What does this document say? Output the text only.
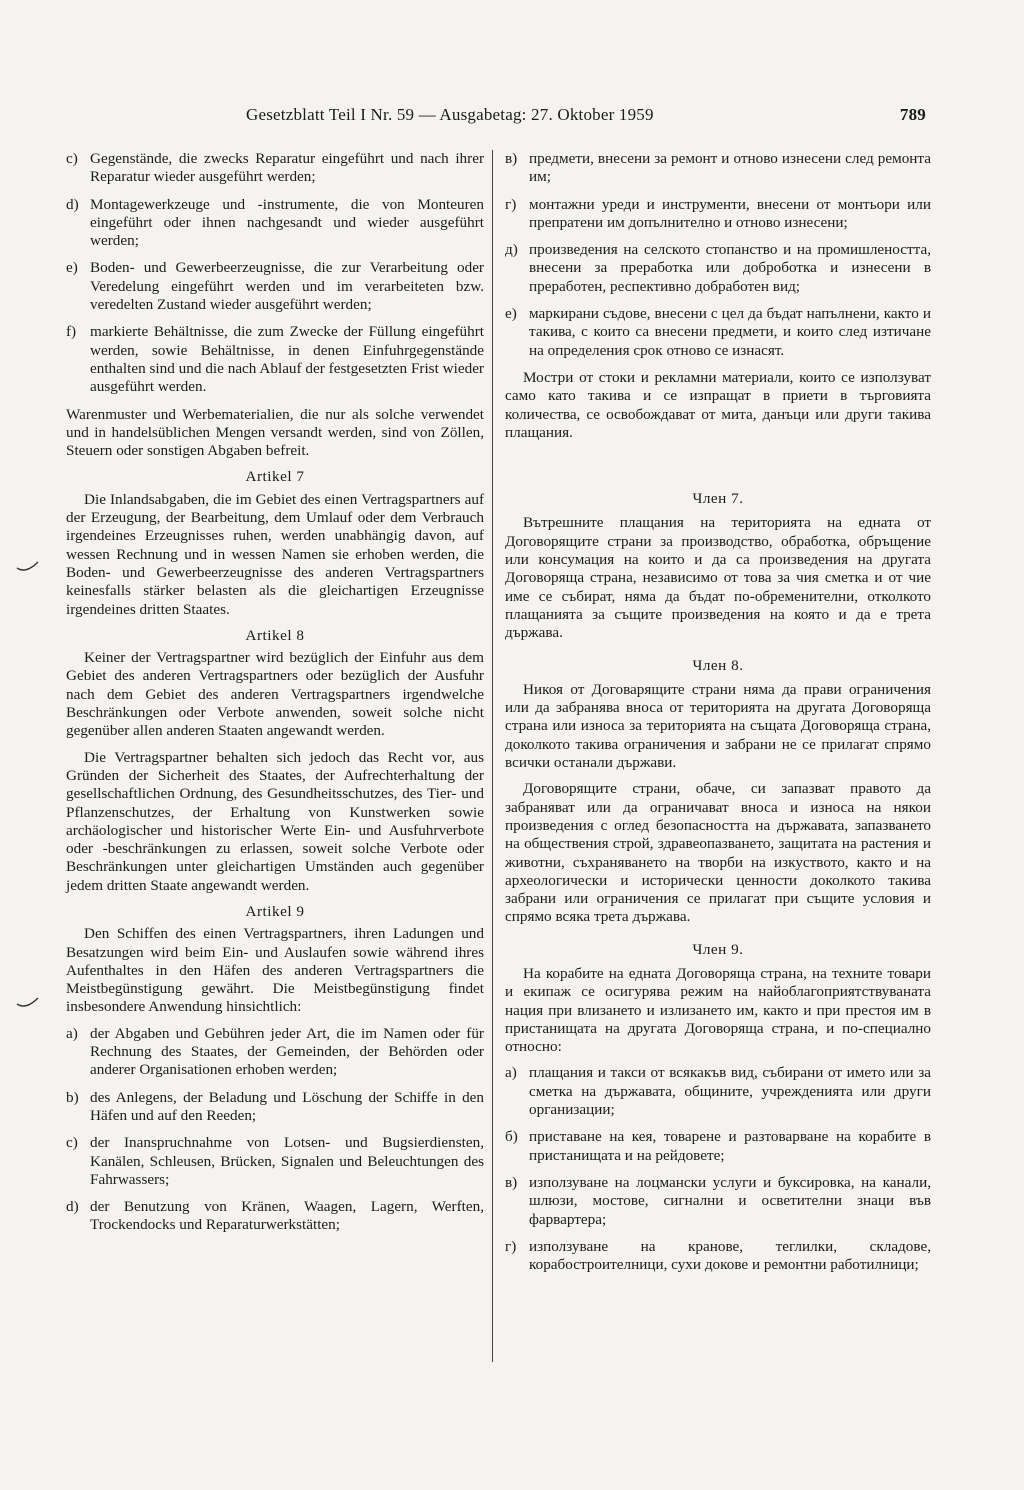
Gesetzblatt Teil I Nr. 59 — Ausgabetag: 27. Oktober 1959	789
c) Gegenstände, die zwecks Reparatur eingeführt und nach ihrer Reparatur wieder ausgeführt werden;
d) Montagewerkzeuge und -instrumente, die von Monteuren eingeführt oder ihnen nachgesandt und wieder ausgeführt werden;
e) Boden- und Gewerbeerzeugnisse, die zur Verarbeitung oder Veredelung eingeführt werden und im verarbeiteten bzw. veredelten Zustand wieder ausgeführt werden;
f) markierte Behältnisse, die zum Zwecke der Füllung eingeführt werden, sowie Behältnisse, in denen Einfuhrgegenstände enthalten sind und die nach Ablauf der festgesetzten Frist wieder ausgeführt werden.

Warenmuster und Werbematerialien, die nur als solche verwendet und in handelsüblichen Mengen versandt werden, sind von Zöllen, Steuern oder sonstigen Abgaben befreit.

Artikel 7

Die Inlandsabgaben, die im Gebiet des einen Vertragspartners auf der Erzeugung, der Bearbeitung, dem Umlauf oder dem Verbrauch irgendeines Erzeugnisses ruhen, werden unabhängig davon, auf wessen Rechnung und in wessen Namen sie erhoben werden, die Boden- und Gewerbeerzeugnisse des anderen Vertragspartners keinesfalls stärker belasten als die gleichartigen Erzeugnisse irgendeines dritten Staates.

Artikel 8

Keiner der Vertragspartner wird bezüglich der Einfuhr aus dem Gebiet des anderen Vertragspartners oder bezüglich der Ausfuhr nach dem Gebiet des anderen Vertragspartners irgendwelche Beschränkungen oder Verbote anwenden, soweit solche nicht gegenüber allen anderen Staaten angewandt werden.

Die Vertragspartner behalten sich jedoch das Recht vor, aus Gründen der Sicherheit des Staates, der Aufrechterhaltung der gesellschaftlichen Ordnung, des Gesundheitsschutzes, des Tier- und Pflanzenschutzes, der Erhaltung von Kunstwerken sowie archäologischer und historischer Werte Ein- und Ausfuhrverbote oder -beschränkungen zu erlassen, soweit solche Verbote oder Beschränkungen unter gleichartigen Umständen auch gegenüber jedem dritten Staate angewandt werden.

Artikel 9

Den Schiffen des einen Vertragspartners, ihren Ladungen und Besatzungen wird beim Ein- und Auslaufen sowie während ihres Aufenthaltes in den Häfen des anderen Vertragspartners die Meistbegünstigung gewährt. Die Meistbegünstigung findet insbesondere Anwendung hinsichtlich:

a) der Abgaben und Gebühren jeder Art, die im Namen oder für Rechnung des Staates, der Gemeinden, der Behörden oder anderer Organisationen erhoben werden;
b) des Anlegens, der Beladung und Löschung der Schiffe in den Häfen und auf den Reeden;
c) der Inanspruchnahme von Lotsen- und Bugsierdiensten, Kanälen, Schleusen, Brücken, Signalen und Beleuchtungen des Fahrwassers;
d) der Benutzung von Kränen, Waagen, Lagern, Werften, Trockendocks und Reparaturwerkstätten;
в) предмети, внесени за ремонт и отново изнесени след ремонта им;
г) монтажни уреди и инструменти, внесени от монтьори или препратени им допълнително и отново изнесени;
д) произведения на селското стопанство и на промишлеността, внесени за преработка или доброботка и изнесени в преработен, респективно добработен вид;
е) маркирани съдове, внесени с цел да бъдат напълнени, както и такива, с които са внесени предмети, и които след изтичане на определения срок отново се изнасят.

Мостри от стоки и рекламни материали, които се използуват само като такива и се изпращат в приети в търговията количества, се освобождават от мита, данъци или други такива плащания.

Член 7.

Вътрешните плащания на територията на едната от Договорящите страни за производство, обработка, обръщение или консумация на които и да са произведения на другата Договоряща страна, независимо от това за чия сметка и от чие име се събират, няма да бъдат по-обременителни, отколкото плащанията за същите произведения на която и да е трета държава.

Член 8.

Никоя от Договарящите страни няма да прави ограничения или да забранява вноса от територията на другата Договоряща страна или износа за територията на същата Договоряща страна, доколкото такива ограничения и забрани не се прилагат спрямо всички останали държави.

Договорящите страни, обаче, си запазват правото да забраняват или да ограничават вноса и износа на някои произведения с оглед безопасността на държавата, запазването на обществения строй, здравеопазването, защитата на растения и животни, съхраняването на творби на изкуството, както и на археологически и исторически ценности доколкото такива забрани или ограничения се прилагат при същите условия и спрямо всяка трета държава.

Член 9.

На корабите на едната Договоряща страна, на техните товари и екипаж се осигурява режим на найоблагоприятствуваната нация при влизането и излизането им, както и при престоя им в пристанищата на другата Договоряща страна, и по-специално относно:

а) плащания и такси от всякакъв вид, събирани от името или за сметка на държавата, общините, учрежденията или други организации;
б) приставане на кея, товарене и разтоварване на корабите в пристанищата и на рейдовете;
в) използуване на лоцмански услуги и буксировка, на канали, шлюзи, мостове, сигнални и осветителни знаци във фарвартера;
г) използуване на кранове, теглилки, складове, корабостроителници, сухи докове и ремонтни работилници;
